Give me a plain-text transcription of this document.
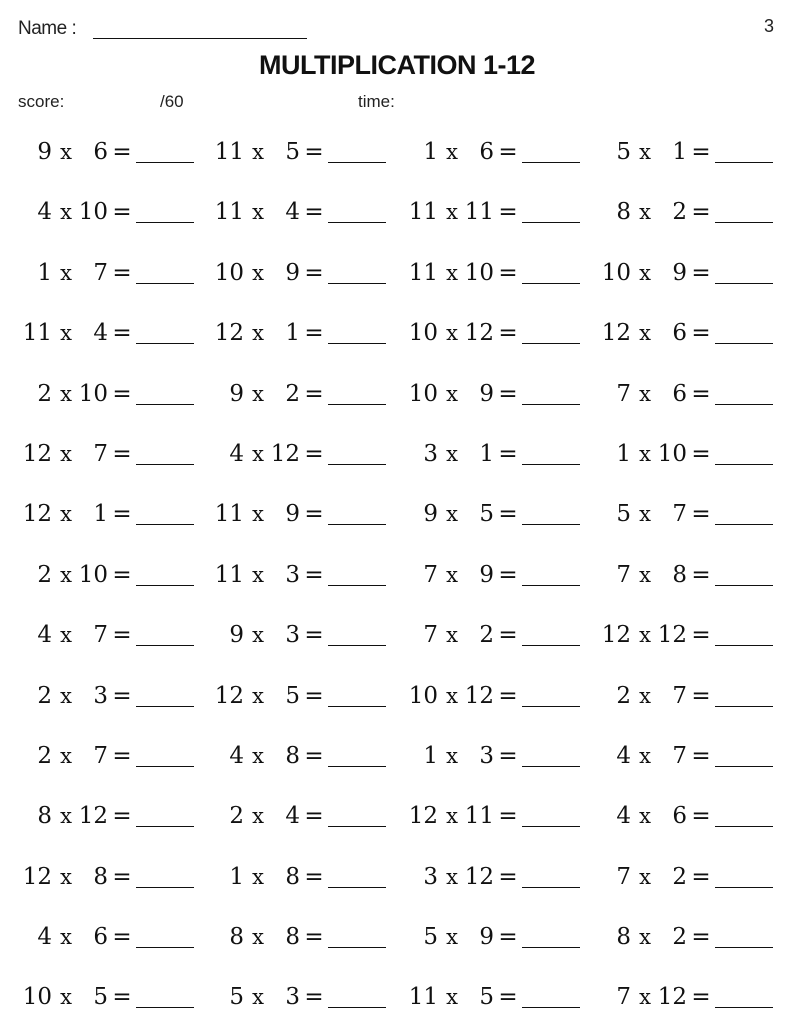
Name :	3
MULTIPLICATION 1-12
score:	/60	time:
9 x 6 =	11 x 5 =	1 x 6 =	5 x 1 =
4 x 10 =	11 x 4 =	11 x 11 =	8 x 2 =
1 x 7 =	10 x 9 =	11 x 10 =	10 x 9 =
11 x 4 =	12 x 1 =	10 x 12 =	12 x 6 =
2 x 10 =	9 x 2 =	10 x 9 =	7 x 6 =
12 x 7 =	4 x 12 =	3 x 1 =	1 x 10 =
12 x 1 =	11 x 9 =	9 x 5 =	5 x 7 =
2 x 10 =	11 x 3 =	7 x 9 =	7 x 8 =
4 x 7 =	9 x 3 =	7 x 2 =	12 x 12 =
2 x 3 =	12 x 5 =	10 x 12 =	2 x 7 =
2 x 7 =	4 x 8 =	1 x 3 =	4 x 7 =
8 x 12 =	2 x 4 =	12 x 11 =	4 x 6 =
12 x 8 =	1 x 8 =	3 x 12 =	7 x 2 =
4 x 6 =	8 x 8 =	5 x 9 =	8 x 2 =
10 x 5 =	5 x 3 =	11 x 5 =	7 x 12 =
